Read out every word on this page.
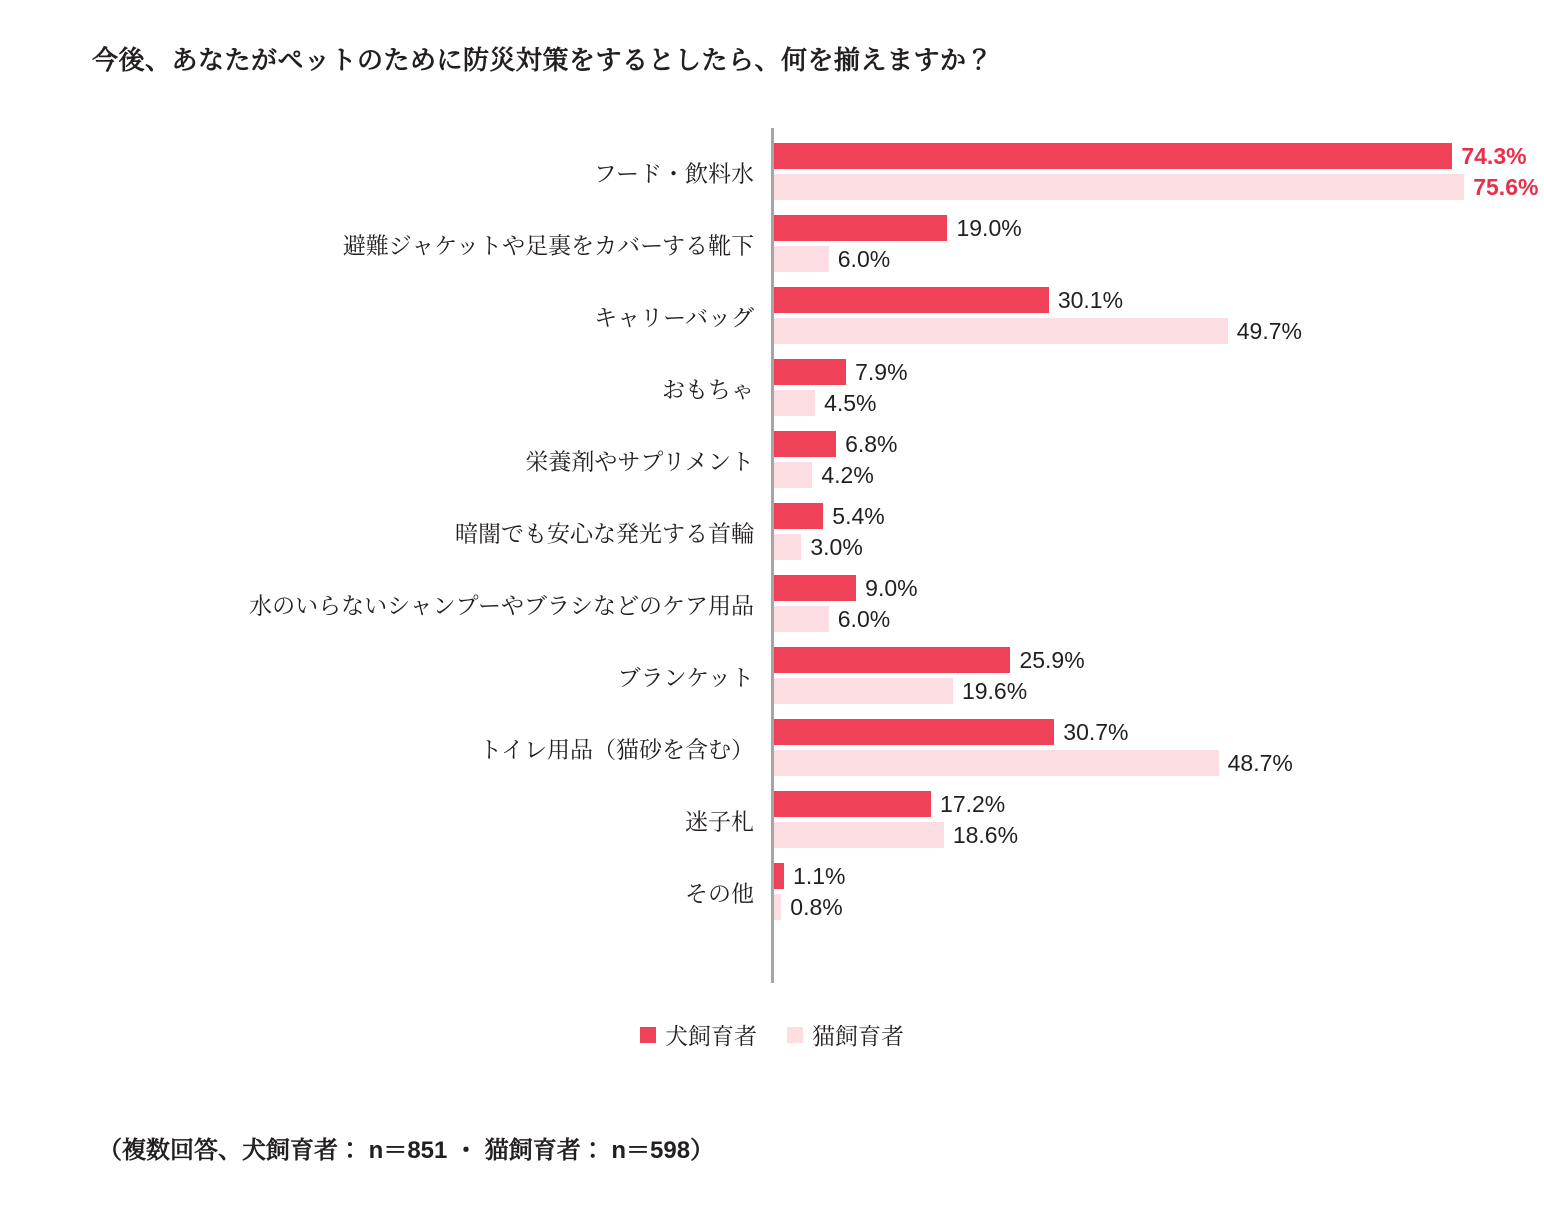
今後、あなたがペットのために防災対策をするとしたら、何を揃えますか？
フード・飲料水
74.3%
75.6%
避難ジャケットや足裏をカバーする靴下
19.0%
6.0%
キャリーバッグ
30.1%
49.7%
おもちゃ
7.9%
4.5%
栄養剤やサプリメント
6.8%
4.2%
暗闇でも安心な発光する首輪
5.4%
3.0%
水のいらないシャンプーやブラシなどのケア用品
9.0%
6.0%
ブランケット
25.9%
19.6%
トイレ用品（猫砂を含む）
30.7%
48.7%
迷子札
17.2%
18.6%
その他
1.1%
0.8%
犬飼育者 猫飼育者
（複数回答、犬飼育者： n＝851 ・ 猫飼育者： n＝598）
